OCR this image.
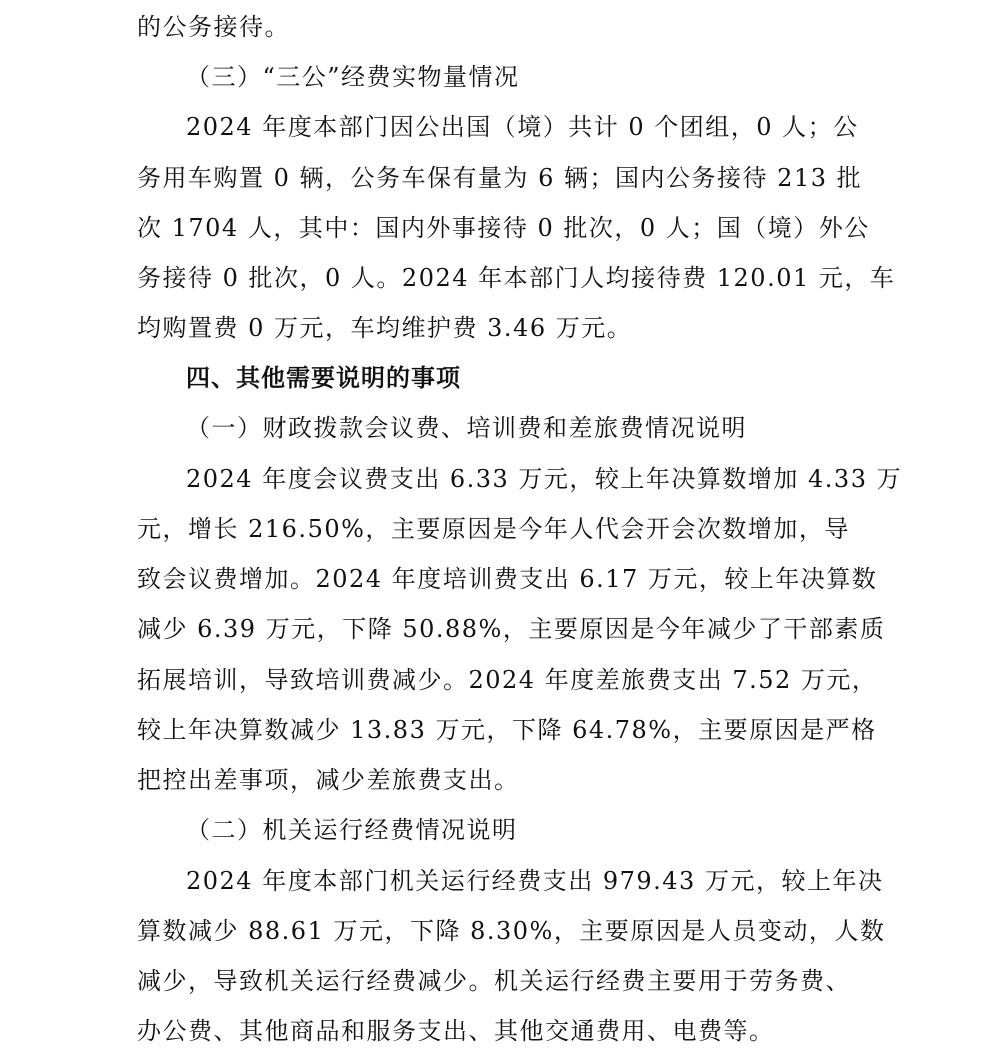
的公务接待。
（三）“三公”经费实物量情况
2024 年度本部门因公出国（境）共计 0 个团组，0 人；公
务用车购置 0 辆，公务车保有量为 6 辆；国内公务接待 213 批
次 1704 人，其中：国内外事接待 0 批次，0 人；国（境）外公
务接待 0 批次，0 人。2024 年本部门人均接待费 120.01 元，车
均购置费 0 万元，车均维护费 3.46 万元。
四、其他需要说明的事项
（一）财政拨款会议费、培训费和差旅费情况说明
2024 年度会议费支出 6.33 万元，较上年决算数增加 4.33 万
元，增长 216.50%，主要原因是今年人代会开会次数增加，导
致会议费增加。2024 年度培训费支出 6.17 万元，较上年决算数
减少 6.39 万元，下降 50.88%，主要原因是今年减少了干部素质
拓展培训，导致培训费减少。2024 年度差旅费支出 7.52 万元，
较上年决算数减少 13.83 万元，下降 64.78%，主要原因是严格
把控出差事项，减少差旅费支出。
（二）机关运行经费情况说明
2024 年度本部门机关运行经费支出 979.43 万元，较上年决
算数减少 88.61 万元，下降 8.30%，主要原因是人员变动，人数
减少，导致机关运行经费减少。机关运行经费主要用于劳务费、
办公费、其他商品和服务支出、其他交通费用、电费等。
